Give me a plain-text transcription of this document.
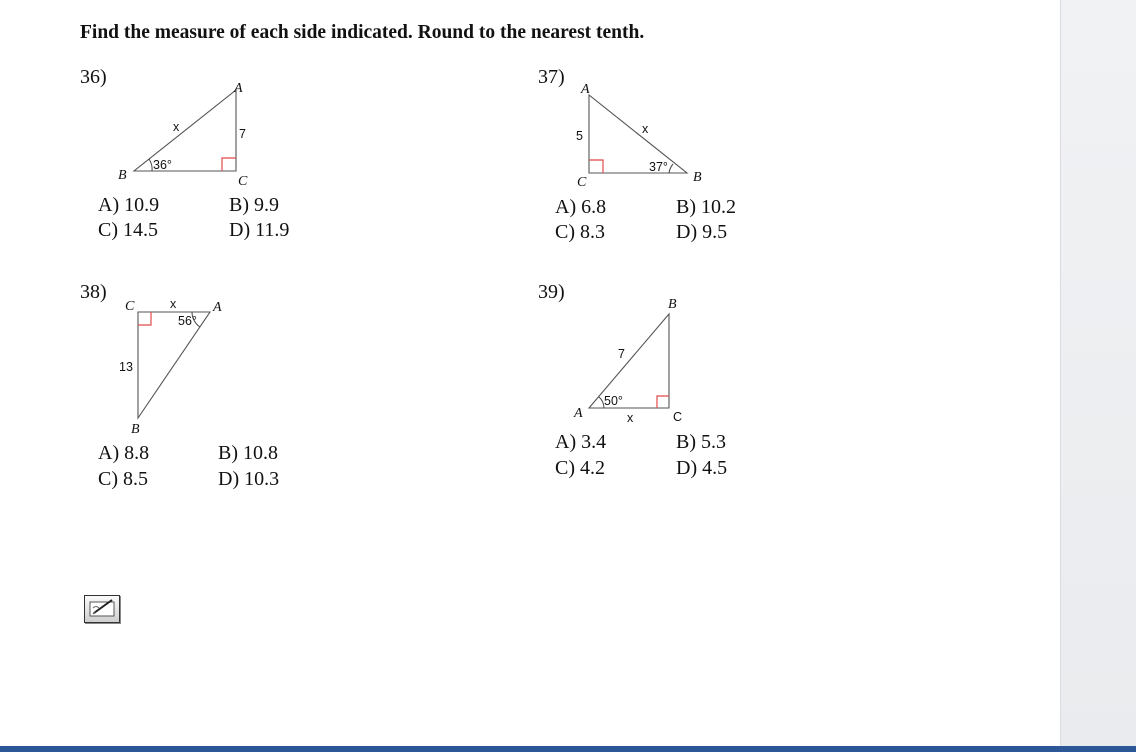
Find the measure of each side indicated. Round to the nearest tenth.
36)
A
B	C
x	7
36°
A) 10.9	B) 9.9
C) 14.5	D) 11.9
37)
A
B
C
x
5
37°
A) 6.8	B) 10.2
C) 8.3	D) 9.5
38)
C	A
B
x
13
56°
A) 8.8	B) 10.8
C) 8.5	D) 10.3
39)
B
A	C
7
x
50°
A) 3.4	B) 5.3
C) 4.2	D) 4.5
